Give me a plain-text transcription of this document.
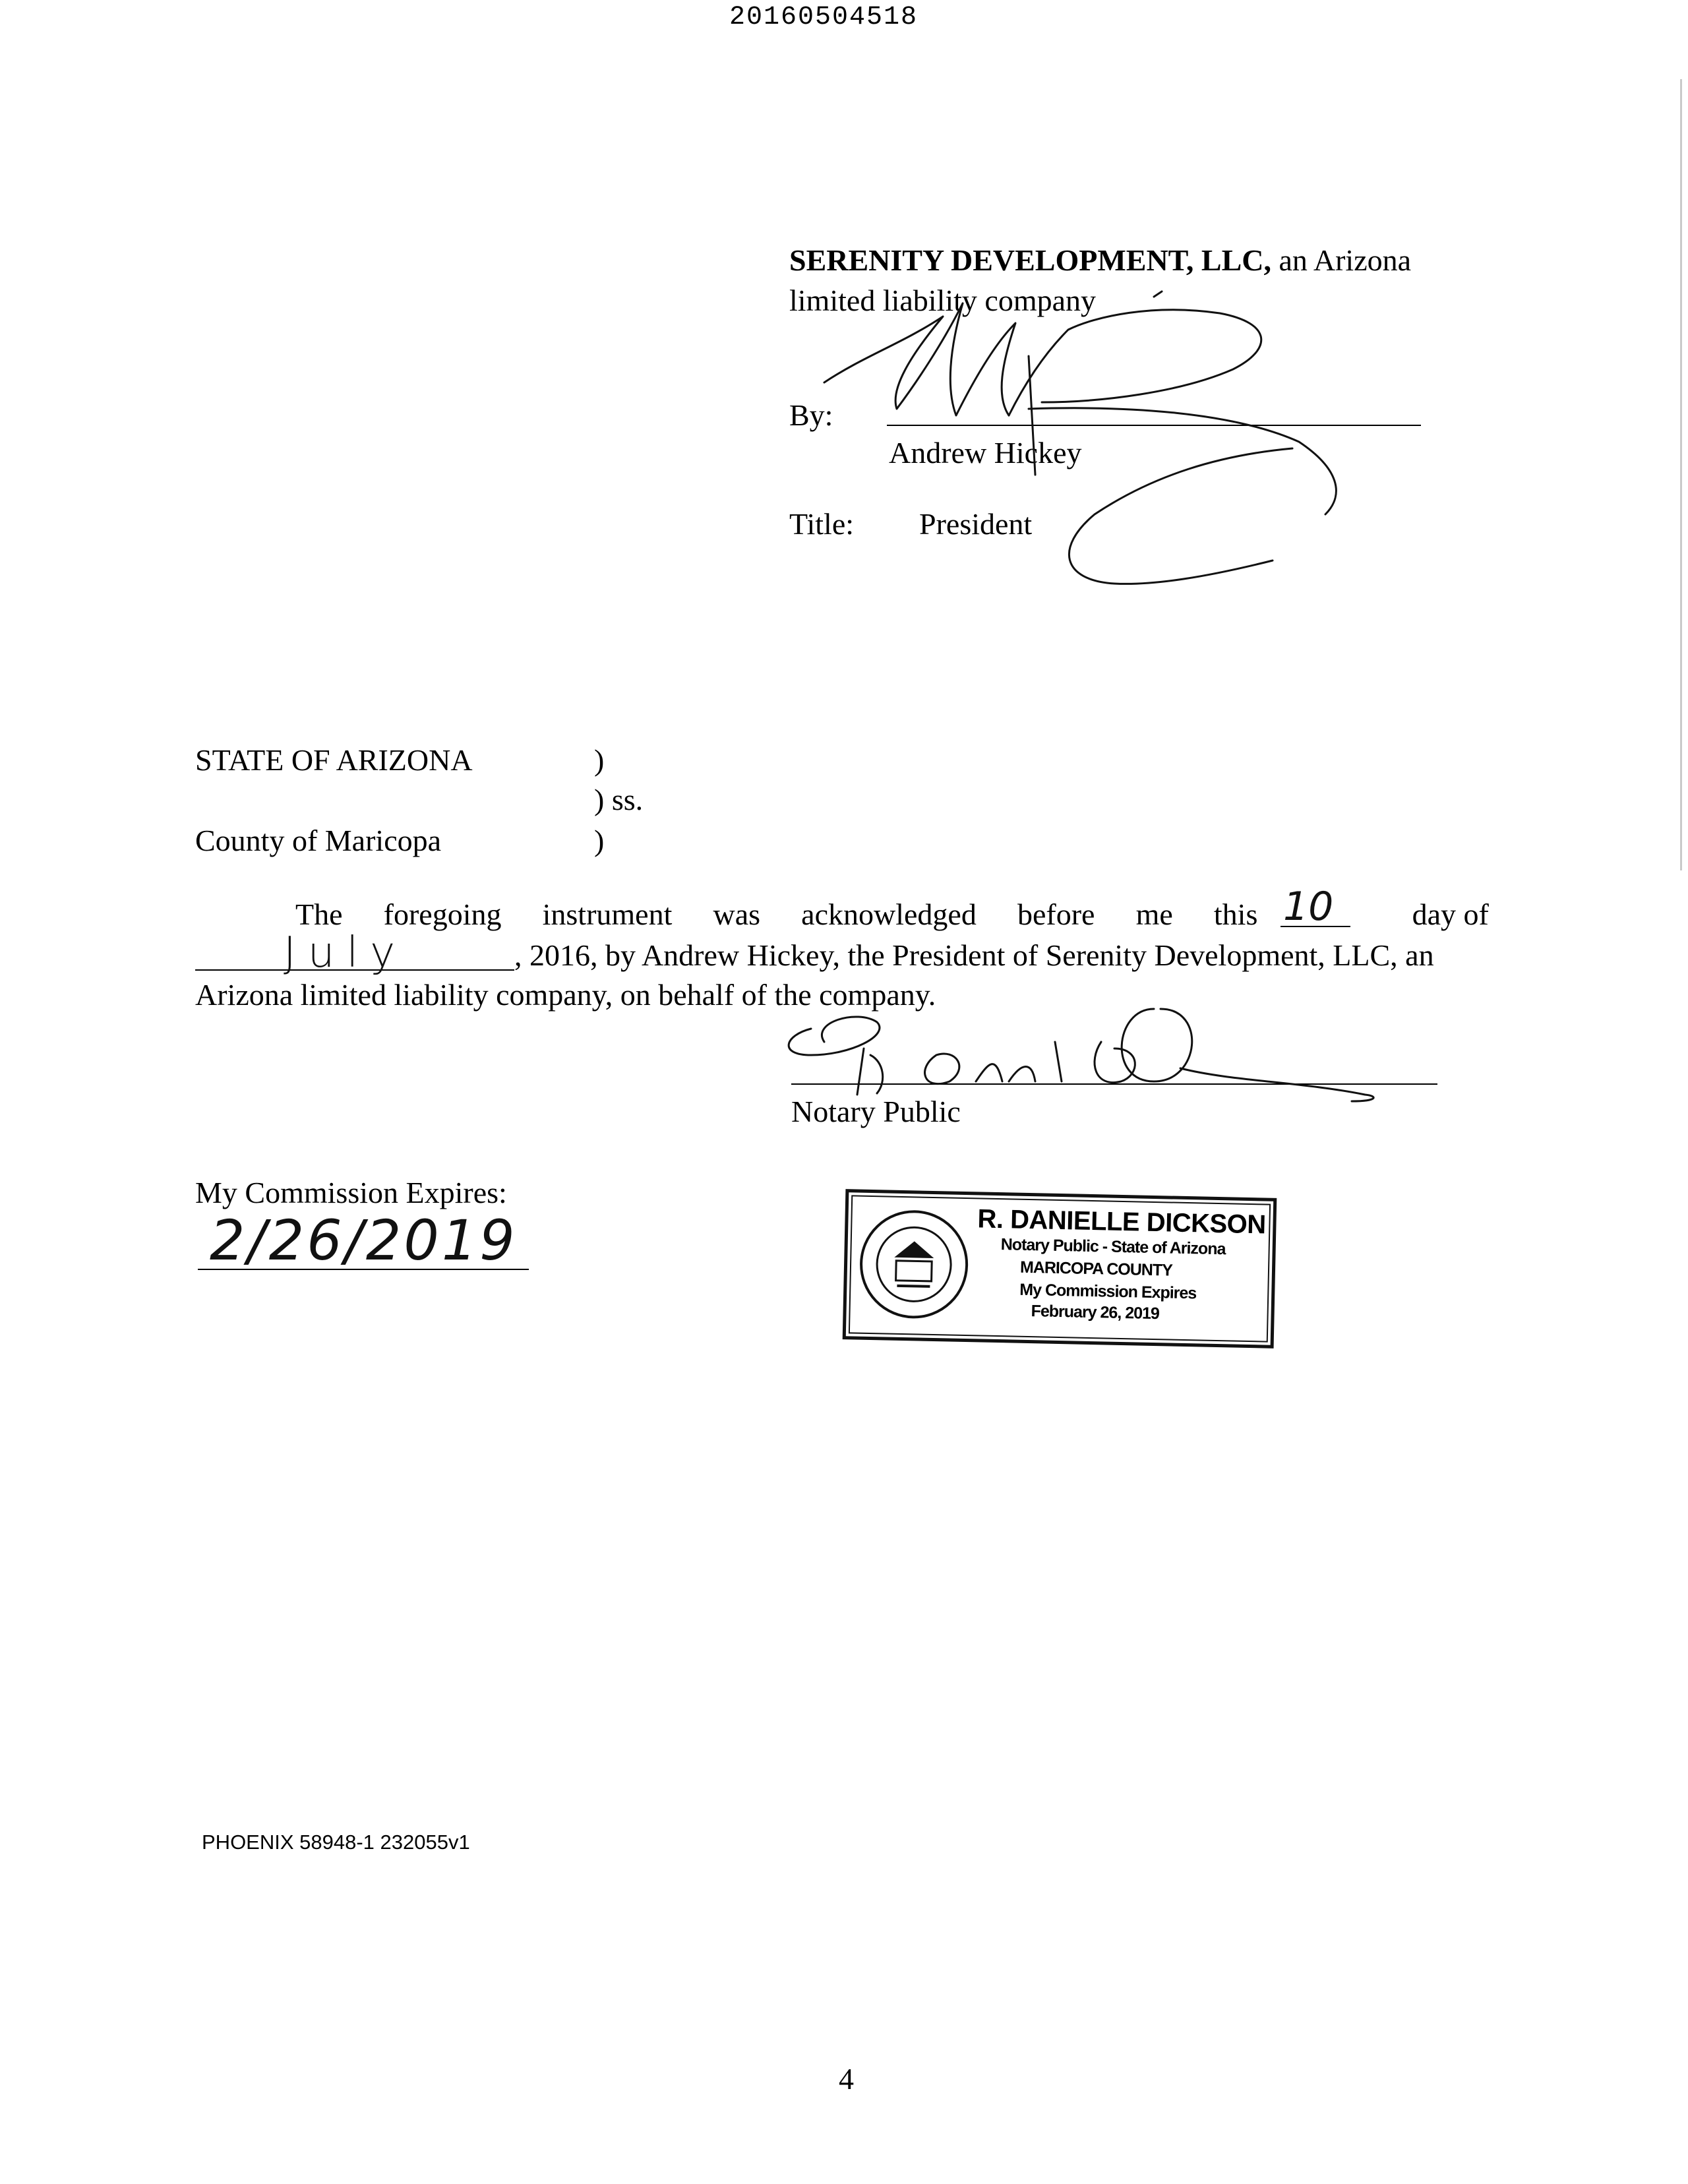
20160504518
SERENITY DEVELOPMENT, LLC, an Arizona
limited liability company
By:
Andrew Hickey
Title: President
STATE OF ARIZONA	)
) ss.
County of Maricopa	)
The foregoing instrument was acknowledged before me this	day of
10
July	, 2016, by Andrew Hickey, the President of Serenity Development, LLC, an
Arizona limited liability company, on behalf of the company.
Notary Public
My Commission Expires:
2/26/2019	R. DANIELLE DICKSON
Notary Public - State of Arizona
MARICOPA COUNTY
My Commission Expires
February 26, 2019
PHOENIX 58948-1 232055v1
4
